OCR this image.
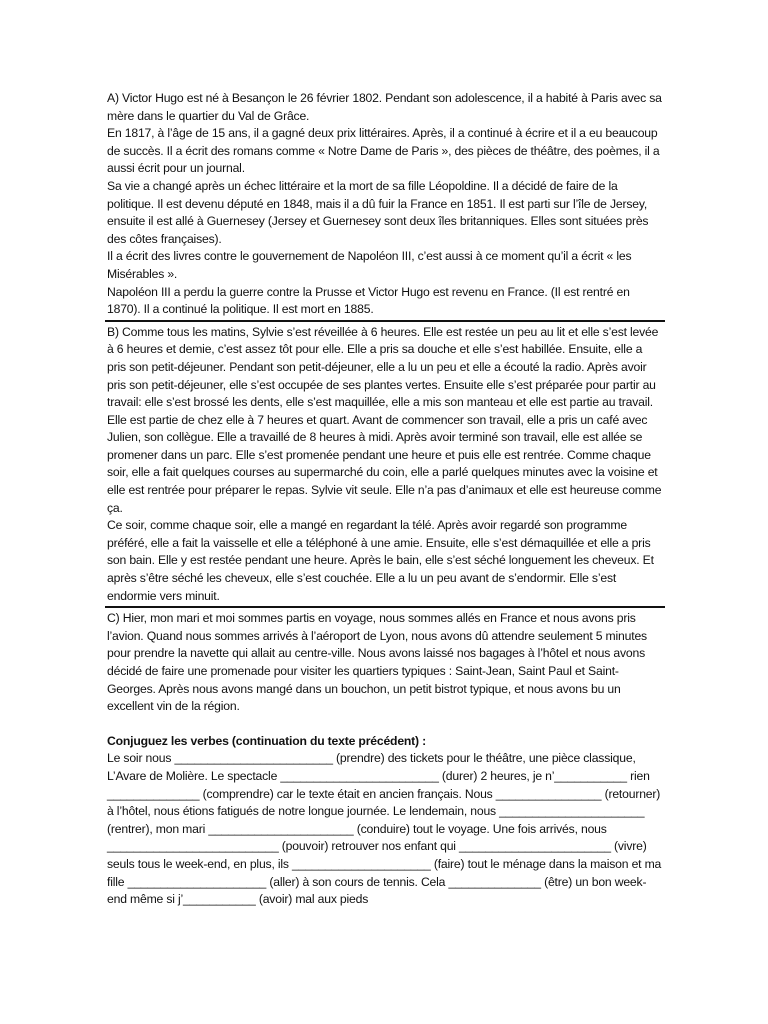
A) Victor Hugo est né à Besançon le 26 février 1802. Pendant son adolescence, il a habité à Paris avec sa mère dans le quartier du Val de Grâce.

En 1817, à l’âge de 15 ans, il a gagné deux prix littéraires. Après, il a continué à écrire et il a eu beaucoup de succès. Il a écrit des romans comme « Notre Dame de Paris », des pièces de théâtre, des poèmes, il a aussi écrit pour un journal.

Sa vie a changé après un échec littéraire et la mort de sa fille Léopoldine. Il a décidé de faire de la politique. Il est devenu député en 1848, mais il a dû fuir la France en 1851. Il est parti sur l’île de Jersey, ensuite il est allé à Guernesey (Jersey et Guernesey sont deux îles britanniques. Elles sont situées près des côtes françaises).

Il a écrit des livres contre le gouvernement de Napoléon III, c’est aussi à ce moment qu’il a écrit « les Misérables ».

Napoléon III a perdu la guerre contre la Prusse et Victor Hugo est revenu en France. (Il est rentré en 1870). Il a continué la politique. Il est mort en 1885.

B) Comme tous les matins, Sylvie s’est réveillée à 6 heures. Elle est restée un peu au lit et elle s’est levée à 6 heures et demie, c’est assez tôt pour elle. Elle a pris sa douche et elle s’est habillée. Ensuite, elle a pris son petit-déjeuner. Pendant son petit-déjeuner, elle a lu un peu et elle a écouté la radio. Après avoir pris son petit-déjeuner, elle s’est occupée de ses plantes vertes. Ensuite elle s’est préparée pour partir au travail: elle s’est brossé les dents, elle s’est maquillée, elle a mis son manteau et elle est partie au travail.

Elle est partie de chez elle à 7 heures et quart. Avant de commencer son travail, elle a pris un café avec Julien, son collègue. Elle a travaillé de 8 heures à midi. Après avoir terminé son travail, elle est allée se promener dans un parc. Elle s’est promenée pendant une heure et puis elle est rentrée. Comme chaque soir, elle a fait quelques courses au supermarché du coin, elle a parlé quelques minutes avec la voisine et elle est rentrée pour préparer le repas. Sylvie vit seule. Elle n’a pas d’animaux et elle est heureuse comme ça.

Ce soir, comme chaque soir, elle a mangé en regardant la télé. Après avoir regardé son programme préféré, elle a fait la vaisselle et elle a téléphoné à une amie. Ensuite, elle s’est démaquillée et elle a pris son bain. Elle y est restée pendant une heure. Après le bain, elle s’est séché longuement les cheveux. Et après s’être séché les cheveux, elle s’est couchée. Elle a lu un peu avant de s’endormir. Elle s’est endormie vers minuit.

C) Hier, mon mari et moi sommes partis en voyage, nous sommes allés en France et nous avons pris l’avion. Quand nous sommes arrivés à l’aéroport de Lyon, nous avons dû attendre seulement 5 minutes pour prendre la navette qui allait au centre-ville. Nous avons laissé nos bagages à l’hôtel et nous avons décidé de faire une promenade pour visiter les quartiers typiques : Saint-Jean, Saint Paul et Saint-Georges. Après nous avons mangé dans un bouchon, un petit bistrot typique, et nous avons bu un excellent vin de la région.

Conjuguez les verbes (continuation du texte précédent) :

Le soir nous ________________________ (prendre) des tickets pour le théâtre, une pièce classique, L’Avare de Molière. Le spectacle ________________________ (durer) 2 heures, je n’___________ rien ______________ (comprendre) car le texte était en ancien français. Nous ________________ (retourner) à l’hôtel, nous étions fatigués de notre longue journée. Le lendemain, nous ______________________ (rentrer), mon mari ______________________ (conduire) tout le voyage. Une fois arrivés, nous __________________________ (pouvoir) retrouver nos enfant qui _______________________ (vivre) seuls tous le week-end, en plus, ils _____________________ (faire) tout le ménage dans la maison et ma fille _____________________ (aller) à son cours de tennis. Cela ______________ (être) un bon week-end même si j’___________ (avoir) mal aux pieds
